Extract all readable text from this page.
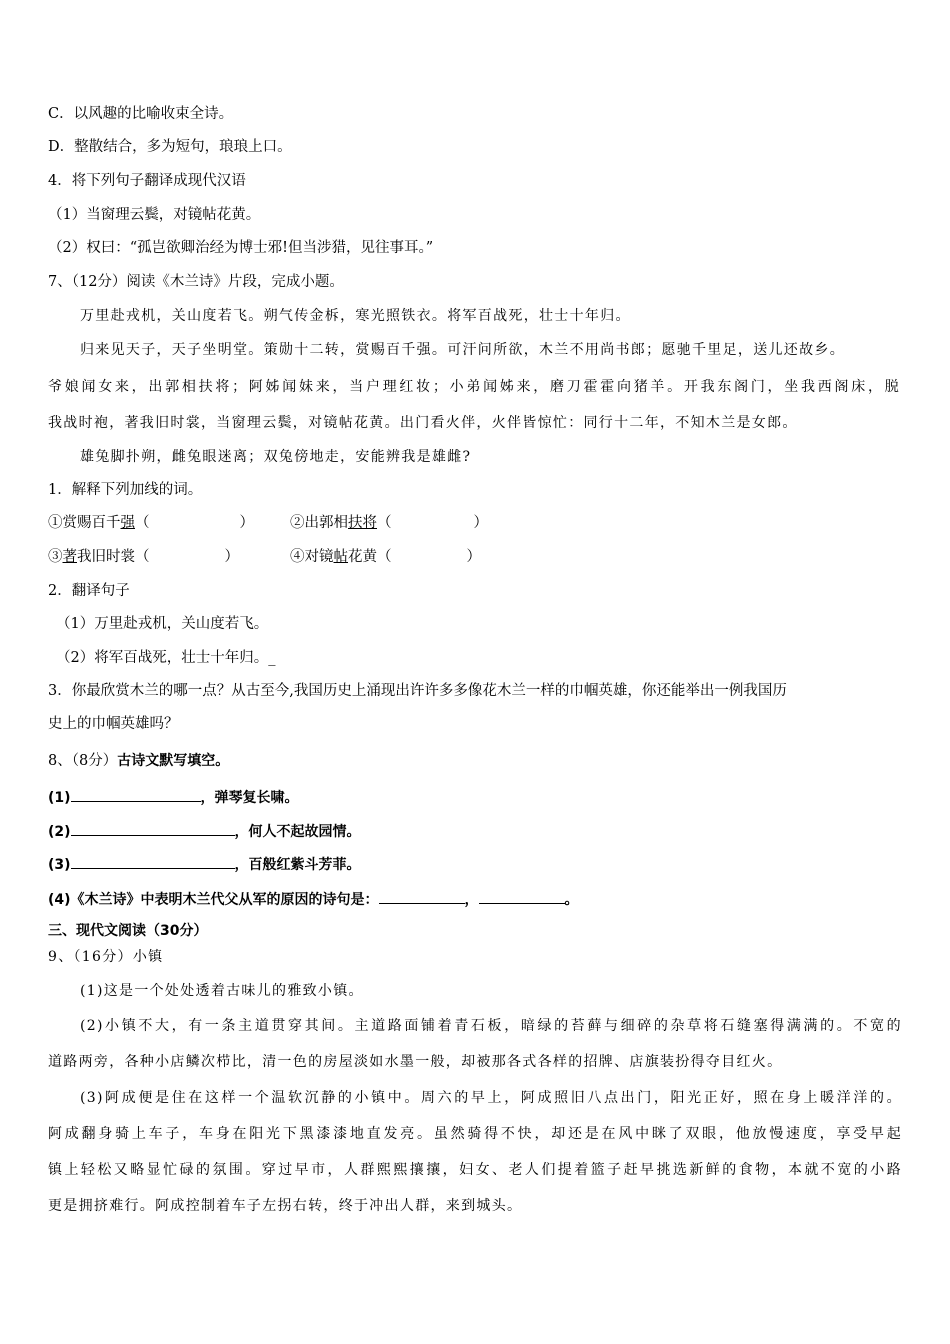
C．以风趣的比喻收束全诗。
D．整散结合，多为短句，琅琅上口。
4．将下列句子翻译成现代汉语
（1）当窗理云鬓，对镜帖花黄。
（2）权曰：“孤岂欲卿治经为博士邪!但当涉猎，见往事耳。”
7、（12分）阅读《木兰诗》片段，完成小题。
万里赴戎机，关山度若飞。朔气传金柝，寒光照铁衣。将军百战死，壮士十年归。
归来见天子，天子坐明堂。策勋十二转，赏赐百千强。可汗问所欲，木兰不用尚书郎；愿驰千里足，送儿还故乡。
爷娘闻女来，出郭相扶将；阿姊闻妹来，当户理红妆；小弟闻姊来，磨刀霍霍向猪羊。开我东阁门，坐我西阁床，脱
我战时袍，著我旧时裳，当窗理云鬓，对镜帖花黄。出门看火伴，火伴皆惊忙：同行十二年，不知木兰是女郎。
雄兔脚扑朔，雌兔眼迷离；双兔傍地走，安能辨我是雄雌?
1．解释下列加线的词。
①赏赐百千强（	） ②出郭相扶将（	）
③著我旧时裳（	）	④对镜帖花黄（	）
2．翻译句子
（1）万里赴戎机，关山度若飞。
（2）将军百战死，壮士十年归。_
3．你最欣赏木兰的哪一点？从古至今,我国历史上涌现出许许多多像花木兰一样的巾帼英雄，你还能举出一例我国历
史上的巾帼英雄吗？
8、（8分）古诗文默写填空。
(1)	，弹琴复长啸。
(2)	，何人不起故园情。
(3)	，百般红紫斗芳菲。
(4)《木兰诗》中表明木兰代父从军的原因的诗句是：	，	。
三、现代文阅读（30分）
9、（16分）小镇
(1)这是一个处处透着古味儿的雅致小镇。
(2)小镇不大，有一条主道贯穿其间。主道路面铺着青石板，暗绿的苔藓与细碎的杂草将石缝塞得满满的。不宽的
道路两旁，各种小店鳞次栉比，清一色的房屋淡如水墨一般，却被那各式各样的招牌、店旗装扮得夺目红火。
(3)阿成便是住在这样一个温软沉静的小镇中。周六的早上，阿成照旧八点出门，阳光正好，照在身上暖洋洋的。
阿成翻身骑上车子，车身在阳光下黑漆漆地直发亮。虽然骑得不快，却还是在风中眯了双眼，他放慢速度，享受早起
镇上轻松又略显忙碌的氛围。穿过早市，人群熙熙攘攘，妇女、老人们提着篮子赶早挑选新鲜的食物，本就不宽的小路
更是拥挤难行。阿成控制着车子左拐右转，终于冲出人群，来到城头。
